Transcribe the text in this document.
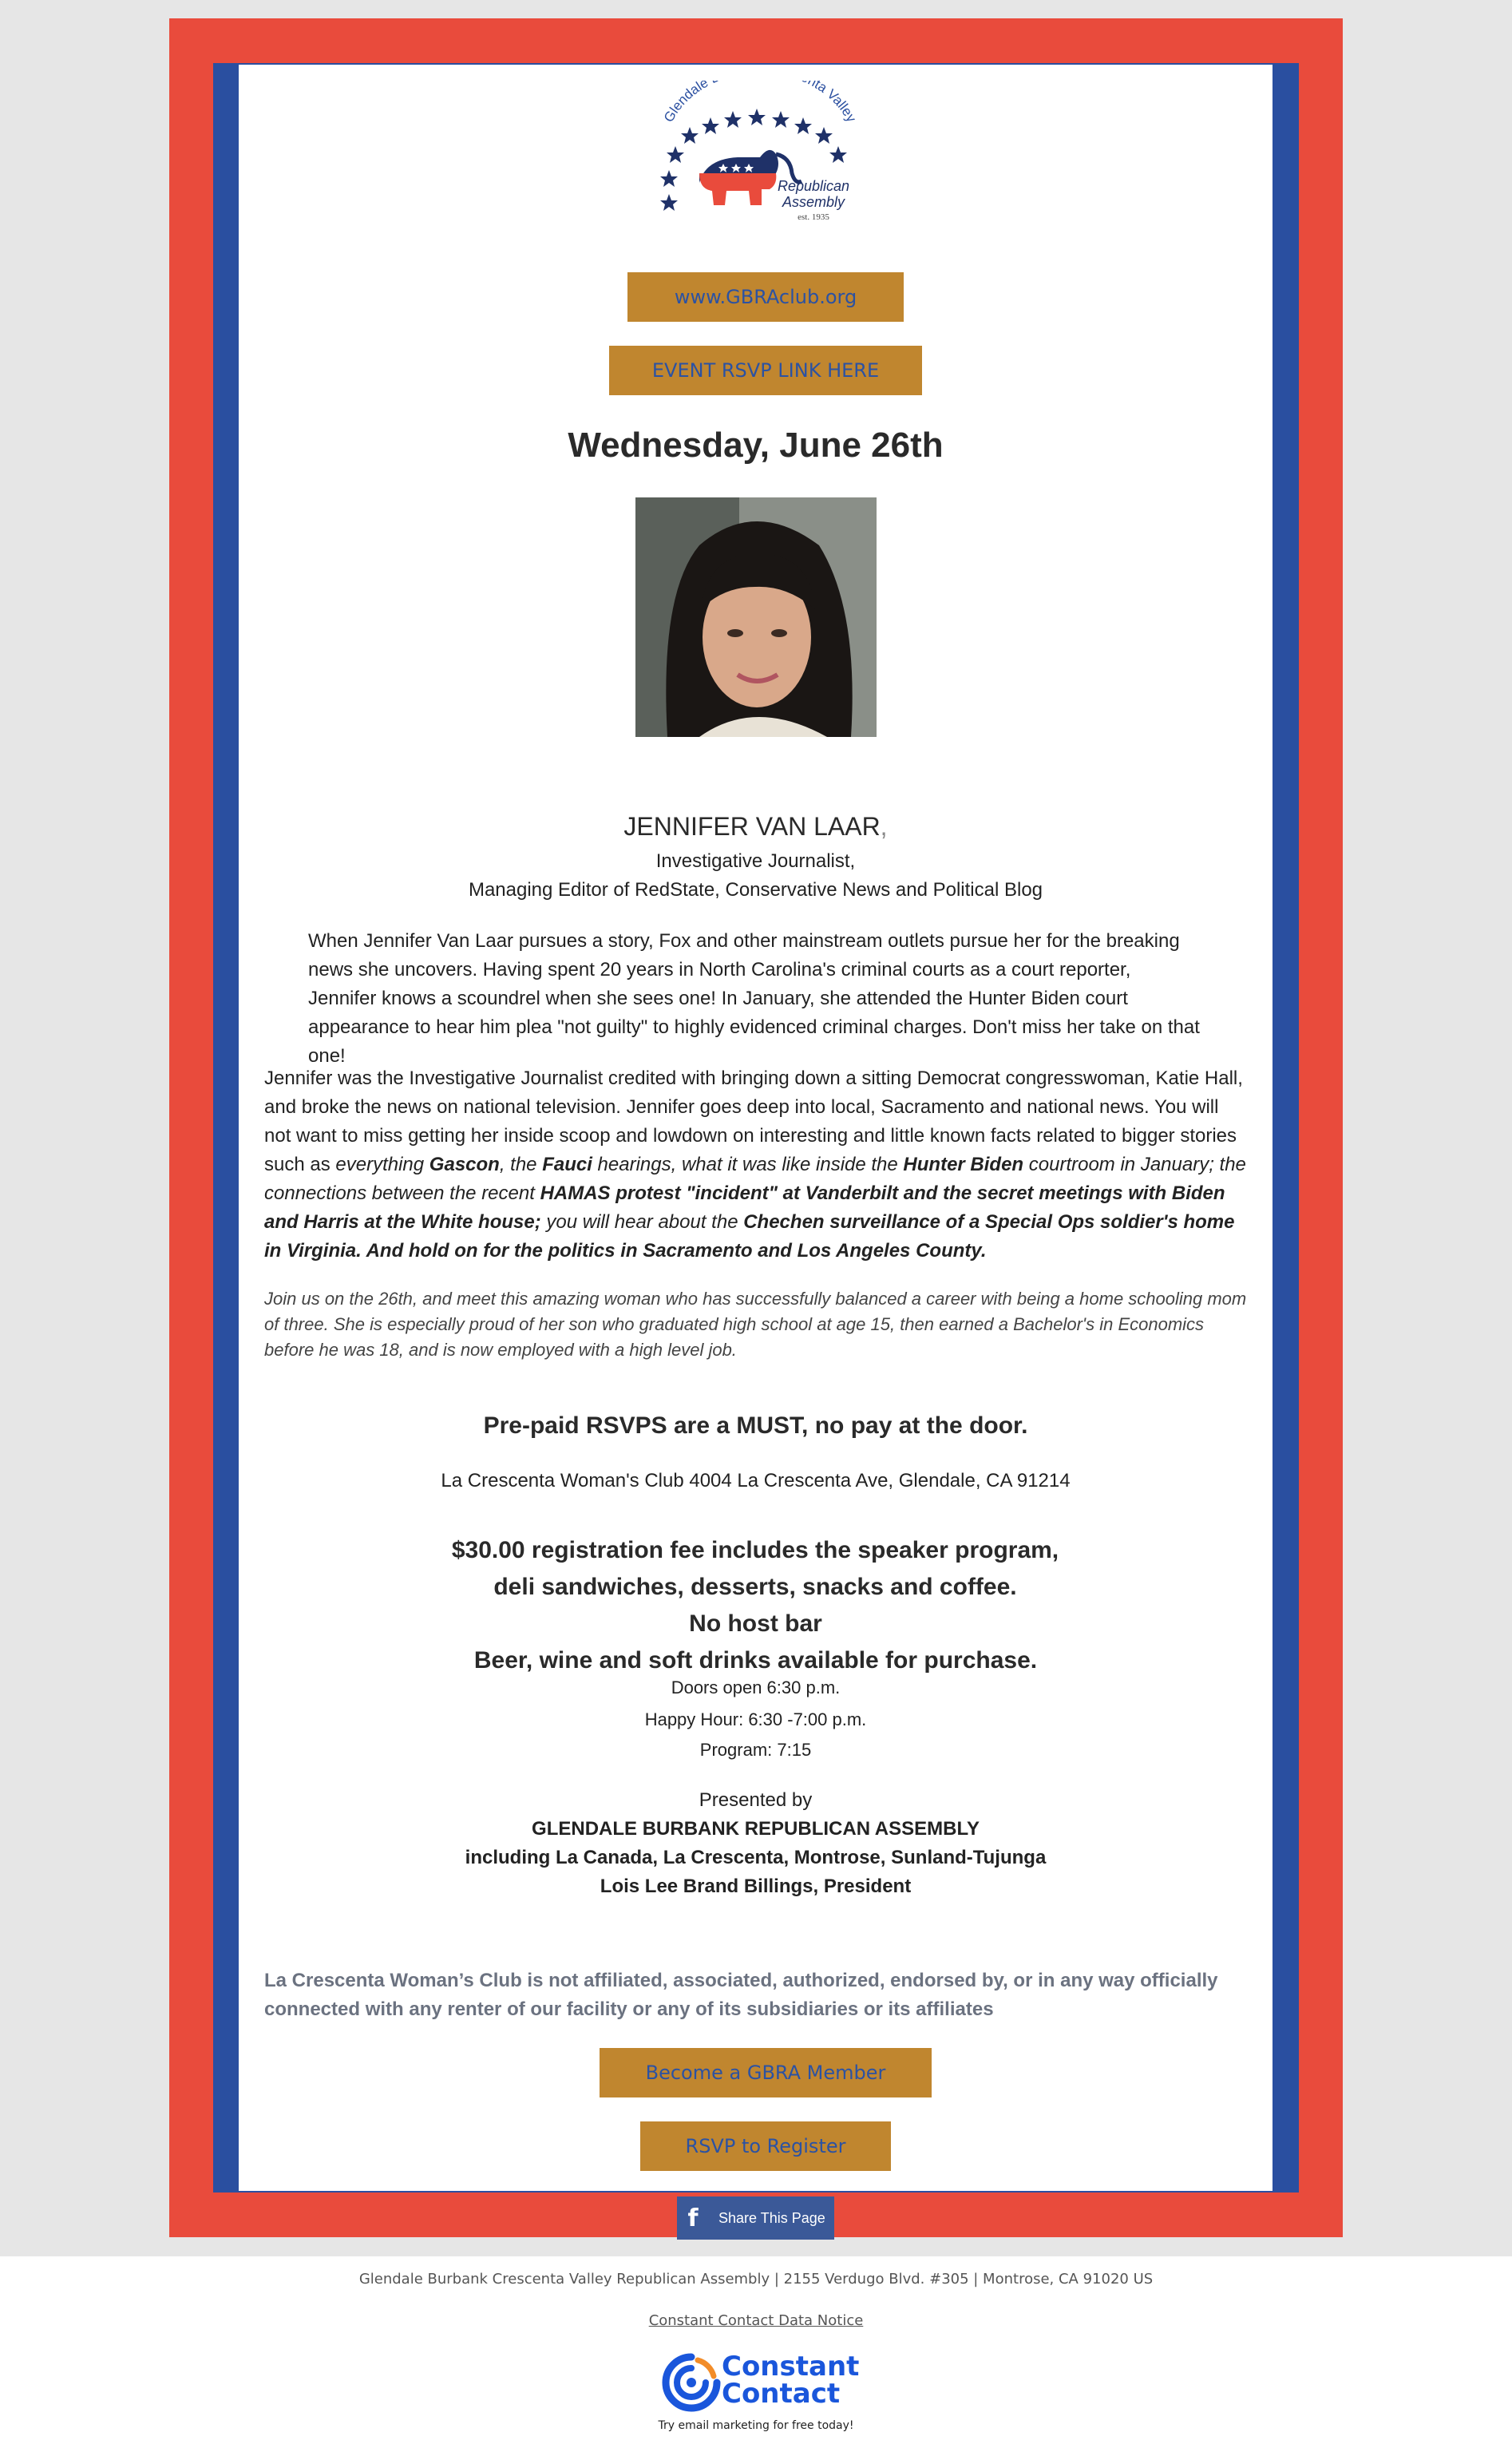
Glendale nta Valley
Republican
Assembly
est. 1935
www.GBRAclub.org
EVENT RSVP LINK HERE
Wednesday, June 26th
JENNIFER VAN LAAR,
Investigative Journalist,
Managing Editor of RedState, Conservative News and Political Blog
When Jennifer Van Laar pursues a story, Fox and other mainstream outlets pursue her for the breaking news she uncovers. Having spent 20 years in North Carolina's criminal courts as a court reporter, Jennifer knows a scoundrel when she sees one! In January, she attended the Hunter Biden court appearance to hear him plea "not guilty" to highly evidenced criminal charges. Don't miss her take on that one!
Jennifer was the Investigative Journalist credited with bringing down a sitting Democrat congresswoman, Katie Hall, and broke the news on national television. Jennifer goes deep into local, Sacramento and national news. You will not want to miss getting her inside scoop and lowdown on interesting and little known facts related to bigger stories such as everything Gascon, the Fauci hearings, what it was like inside the Hunter Biden courtroom in January; the connections between the recent HAMAS protest "incident" at Vanderbilt and the secret meetings with Biden and Harris at the White house; you will hear about the Chechen surveillance of a Special Ops soldier's home in Virginia. And hold on for the politics in Sacramento and Los Angeles County.
Join us on the 26th, and meet this amazing woman who has successfully balanced a career with being a home schooling mom of three. She is especially proud of her son who graduated high school at age 15, then earned a Bachelor's in Economics before he was 18, and is now employed with a high level job.
Pre-paid RSVPS are a MUST, no pay at the door.
La Crescenta Woman's Club 4004 La Crescenta Ave, Glendale, CA 91214
$30.00 registration fee includes the speaker program, deli sandwiches, desserts, snacks and coffee.
No host bar
Beer, wine and soft drinks available for purchase.
Doors open 6:30 p.m.
Happy Hour: 6:30 -7:00 p.m.
Program: 7:15
Presented by
GLENDALE BURBANK REPUBLICAN ASSEMBLY
including La Canada, La Crescenta, Montrose, Sunland-Tujunga
Lois Lee Brand Billings, President
La Crescenta Woman’s Club is not affiliated, associated, authorized, endorsed by, or in any way officially connected with any renter of our facility or any of its subsidiaries or its affiliates
Become a GBRA Member
RSVP to Register
f	Share This Page
Glendale Burbank Crescenta Valley Republican Assembly | 2155 Verdugo Blvd. #305 | Montrose, CA 91020 US
Constant Contact Data Notice
Constant
Contact
Try email marketing for free today!
